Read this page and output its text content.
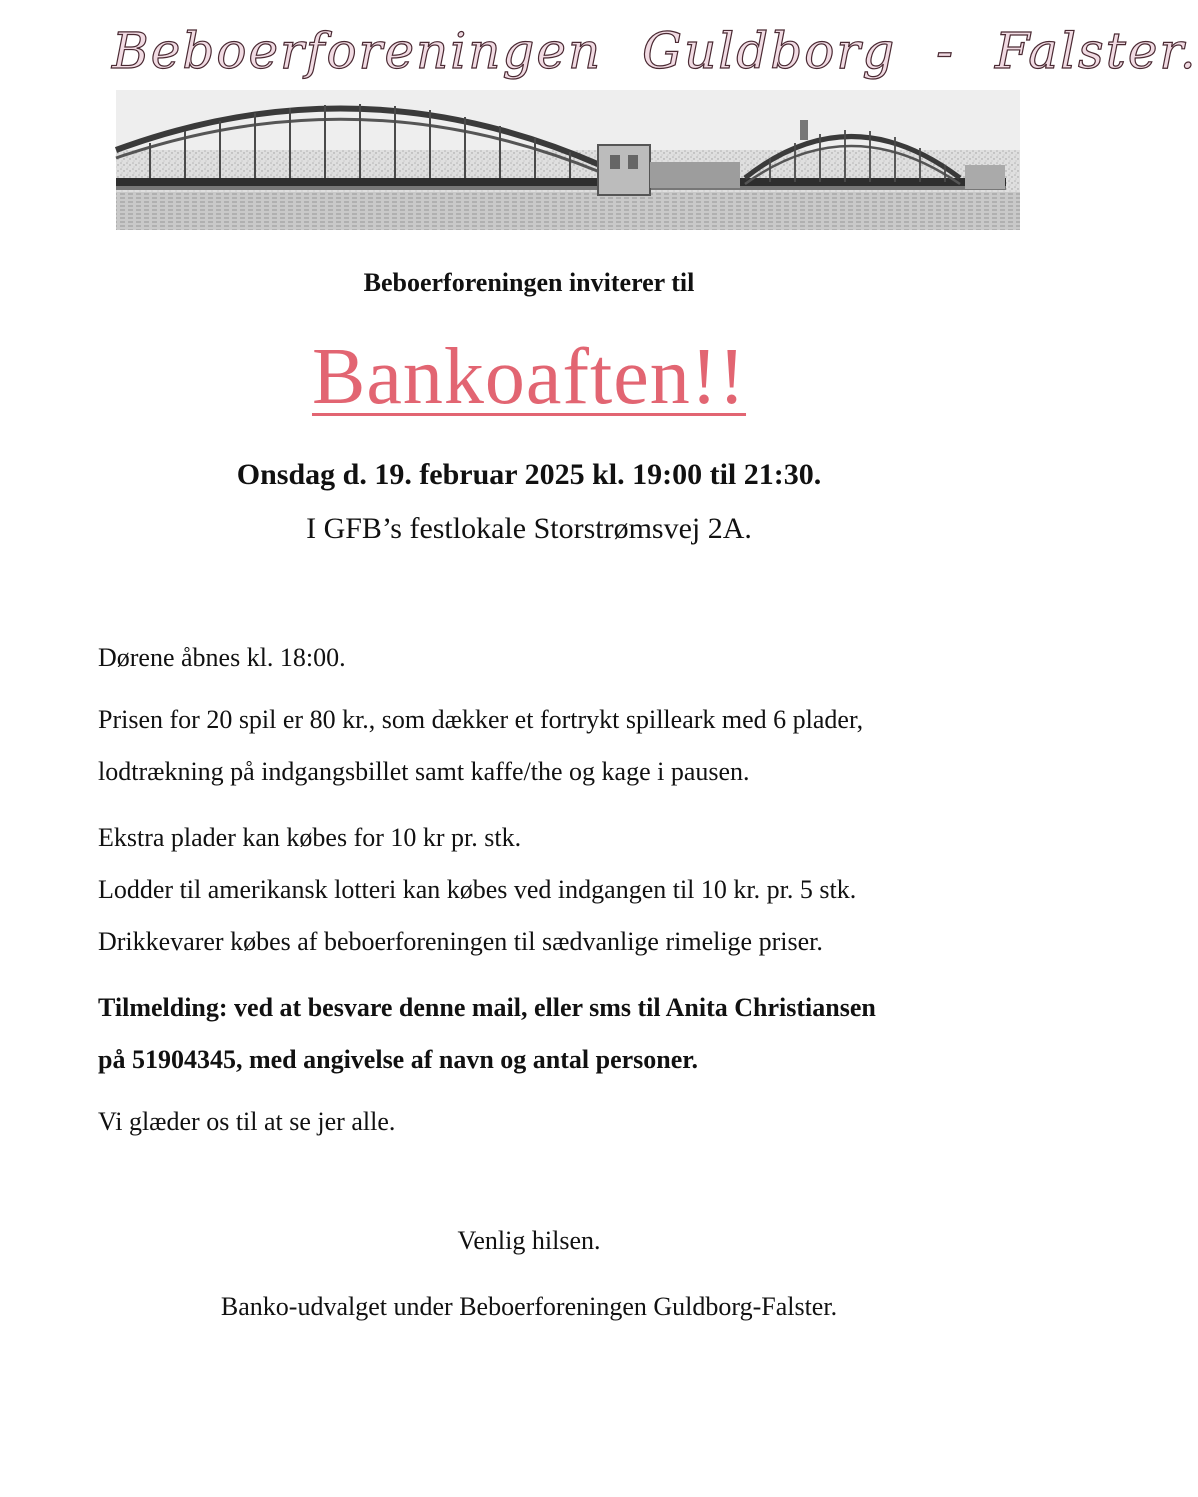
Beboerforeningen Guldborg - Falster.
Beboerforeningen inviterer til
Bankoaften!!
Onsdag d. 19. februar 2025 kl. 19:00 til 21:30.
I GFB’s festlokale Storstrømsvej 2A.

Dørene åbnes kl. 18:00.

Prisen for 20 spil er 80 kr., som dækker et fortrykt spilleark med 6 plader,

lodtrækning på indgangsbillet samt kaffe/the og kage i pausen.

Ekstra plader kan købes for 10 kr pr. stk.

Lodder til amerikansk lotteri kan købes ved indgangen til 10 kr. pr. 5 stk.

Drikkevarer købes af beboerforeningen til sædvanlige rimelige priser.

Tilmelding: ved at besvare denne mail, eller sms til Anita Christiansen

på 51904345, med angivelse af navn og antal personer.

Vi glæder os til at se jer alle.

Venlig hilsen.
Banko-udvalget under Beboerforeningen Guldborg-Falster.
